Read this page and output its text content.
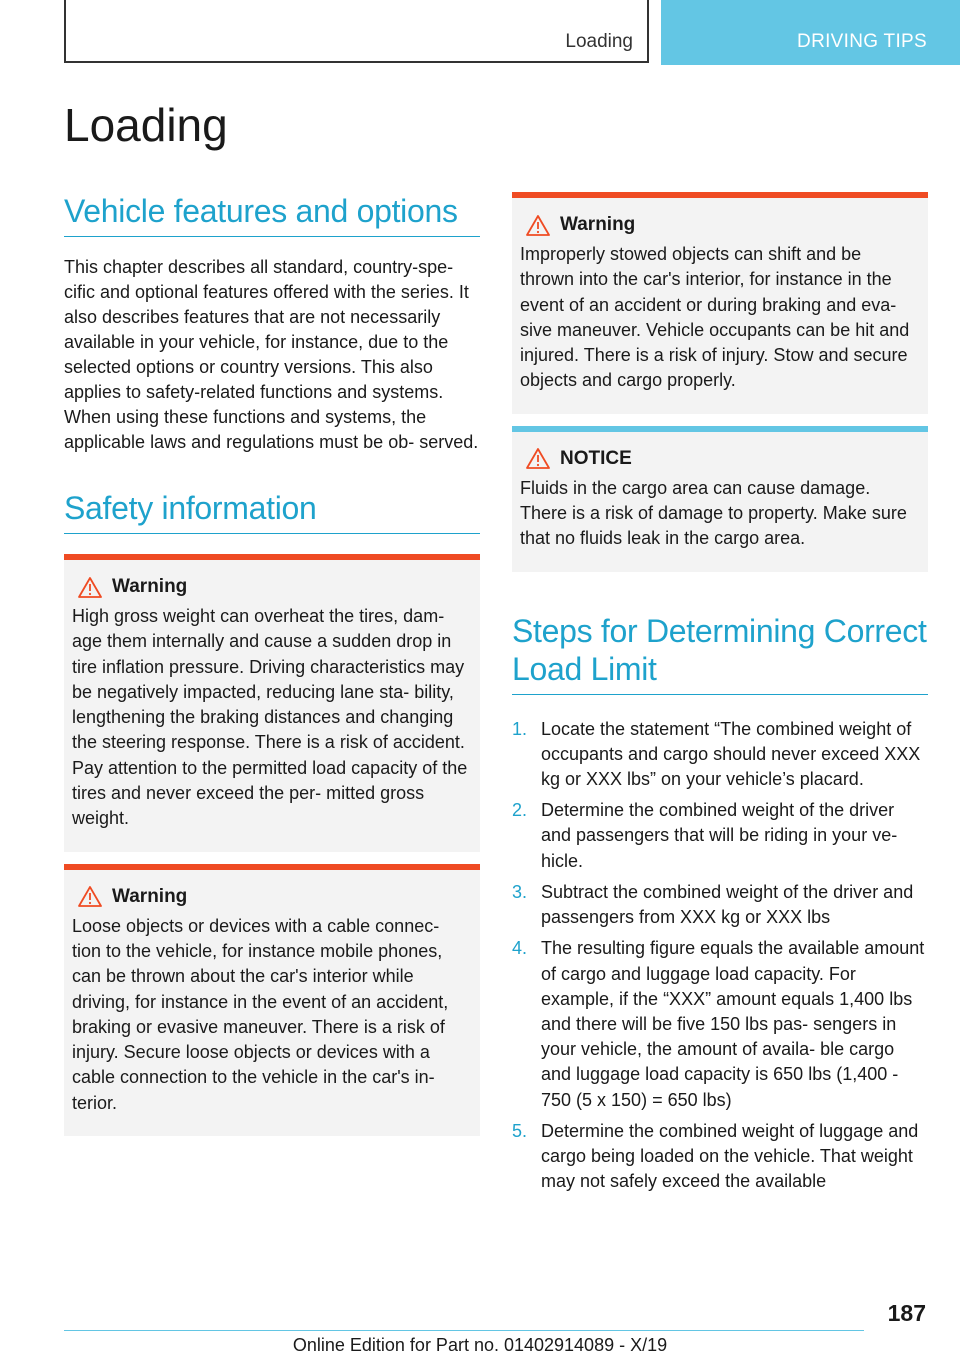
Loading	DRIVING TIPS
Loading
Vehicle features and options

This chapter describes all standard, country-spe- cific and optional features offered with the series. It also describes features that are not necessarily available in your vehicle, for instance, due to the selected options or country versions. This also applies to safety-related functions and systems. When using these functions and systems, the applicable laws and regulations must be ob- served.

Safety information
Warning

High gross weight can overheat the tires, dam- age them internally and cause a sudden drop in tire inflation pressure. Driving characteristics may be negatively impacted, reducing lane sta- bility, lengthening the braking distances and changing the steering response. There is a risk of accident. Pay attention to the permitted load capacity of the tires and never exceed the per- mitted gross weight.

Warning

Loose objects or devices with a cable connec- tion to the vehicle, for instance mobile phones, can be thrown about the car's interior while driving, for instance in the event of an accident, braking or evasive maneuver. There is a risk of injury. Secure loose objects or devices with a cable connection to the vehicle in the car's in- terior.

Warning

Improperly stowed objects can shift and be thrown into the car's interior, for instance in the event of an accident or during braking and eva- sive maneuver. Vehicle occupants can be hit and injured. There is a risk of injury. Stow and secure objects and cargo properly.

NOTICE

Fluids in the cargo area can cause damage. There is a risk of damage to property. Make sure that no fluids leak in the cargo area.

Steps for Determining Correct Load Limit
1. Locate the statement “The combined weight of occupants and cargo should never exceed XXX kg or XXX lbs” on your vehicle’s placard.
2. Determine the combined weight of the driver and passengers that will be riding in your ve- hicle.
3. Subtract the combined weight of the driver and passengers from XXX kg or XXX lbs
4. The resulting figure equals the available amount of cargo and luggage load capacity. For example, if the “XXX” amount equals 1,400 lbs and there will be five 150 lbs pas- sengers in your vehicle, the amount of availa- ble cargo and luggage load capacity is 650 lbs (1,400 - 750 (5 x 150) = 650 lbs)
5. Determine the combined weight of luggage and cargo being loaded on the vehicle. That weight may not safely exceed the available
187
Online Edition for Part no. 01402914089 - X/19
